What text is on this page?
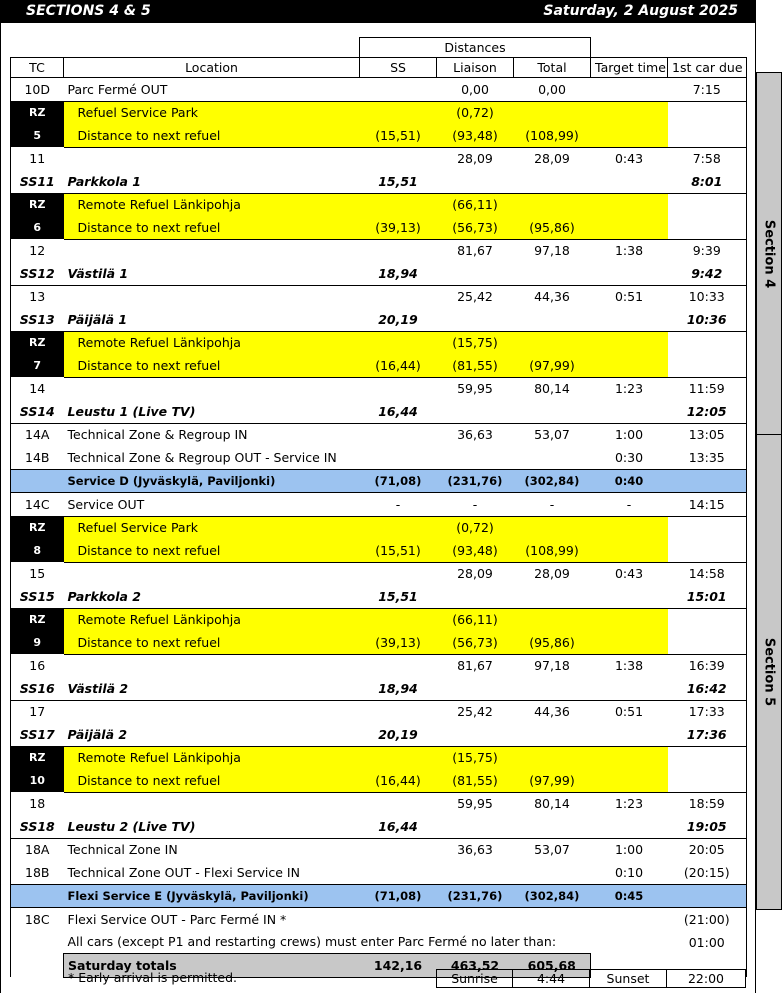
SECTIONS 4 & 5	Saturday, 2 August 2025
Section 4
Section 5
		Distances				
TC	Location	SS	Liaison	Total	Target time	1st car due
10D	Parc Fermé OUT		0,00	0,00		7:15
RZ	Refuel Service Park		(0,72)			
5	Distance to next refuel	(15,51)	(93,48)	(108,99)		
11			28,09	28,09	0:43	7:58
SS11	Parkkola 1	15,51				8:01
RZ	Remote Refuel Länkipohja		(66,11)			
6	Distance to next refuel	(39,13)	(56,73)	(95,86)		
12			81,67	97,18	1:38	9:39
SS12	Västilä 1	18,94				9:42
13			25,42	44,36	0:51	10:33
SS13	Päijälä 1	20,19				10:36
RZ	Remote Refuel Länkipohja		(15,75)			
7	Distance to next refuel	(16,44)	(81,55)	(97,99)		
14			59,95	80,14	1:23	11:59
SS14	Leustu 1 (Live TV)	16,44				12:05
14A	Technical Zone & Regroup IN		36,63	53,07	1:00	13:05
14B	Technical Zone & Regroup OUT - Service IN				0:30	13:35
	Service D (Jyväskylä, Paviljonki)	(71,08)	(231,76)	(302,84)	0:40	
14C	Service OUT	-	-	-	-	14:15
RZ	Refuel Service Park		(0,72)			
8	Distance to next refuel	(15,51)	(93,48)	(108,99)		
15			28,09	28,09	0:43	14:58
SS15	Parkkola 2	15,51				15:01
RZ	Remote Refuel Länkipohja		(66,11)			
9	Distance to next refuel	(39,13)	(56,73)	(95,86)		
16			81,67	97,18	1:38	16:39
SS16	Västilä 2	18,94				16:42
17			25,42	44,36	0:51	17:33
SS17	Päijälä 2	20,19				17:36
RZ	Remote Refuel Länkipohja		(15,75)			
10	Distance to next refuel	(16,44)	(81,55)	(97,99)		
18			59,95	80,14	1:23	18:59
SS18	Leustu 2 (Live TV)	16,44				19:05
18A	Technical Zone IN		36,63	53,07	1:00	20:05
18B	Technical Zone OUT - Flexi Service IN				0:10	(20:15)
	Flexi Service E (Jyväskylä, Paviljonki)	(71,08)	(231,76)	(302,84)	0:45	
18C	Flexi Service OUT - Parc Fermé IN *					(21:00)
	All cars (except P1 and restarting crews) must enter Parc Fermé no later than:					01:00
	Saturday totals	142,16	463,52	605,68		
* Early arrival is permitted.	Sunrise	4:44	Sunset	22:00
